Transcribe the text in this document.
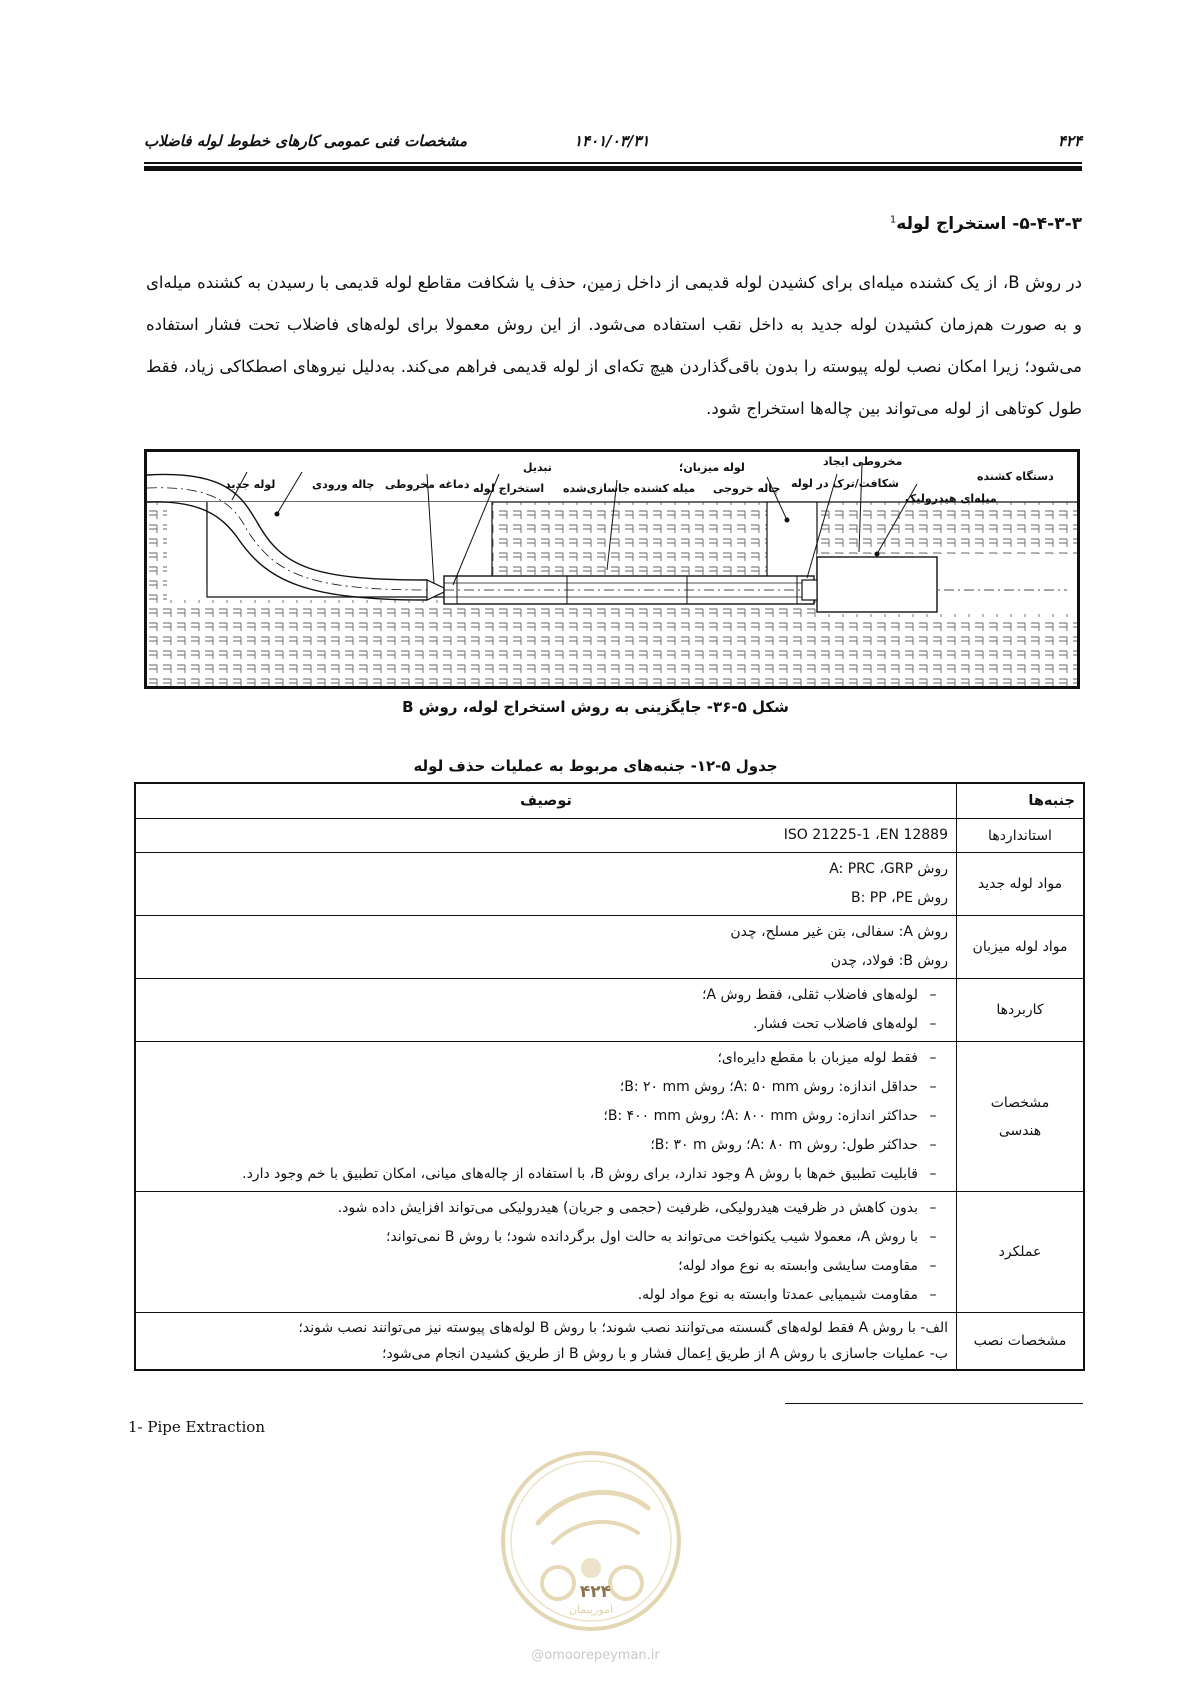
۴۲۴
۱۴۰۱/۰۳/۳۱
مشخصات فنی عمومی کارهای خطوط لوله فاضلاب
۵-۴-۳-۳- استخراج لوله$^1$
در روش B، از یک کشنده میله‌ای برای کشیدن لوله قدیمی از داخل زمین، حذف یا شکافت مقاطع لوله قدیمی با رسیدن به کشنده میله‌ای و به صورت هم‌زمان کشیدن لوله جدید به داخل نقب استفاده می‌شود. از این روش معمولا برای لوله‌های فاضلاب تحت فشار استفاده می‌شود؛ زیرا امکان نصب لوله پیوسته را بدون باقی‌گذاردن هیچ تکه‌ای از لوله قدیمی فراهم می‌کند. به‌دلیل نیروهای اصطکاکی زیاد، فقط طول کوتاهی از لوله می‌تواند بین چاله‌ها استخراج شود.
لوله جدید	چاله ورودی دماغه مخروطی
تبدیل
استخراج لوله
لوله میزبان؛
میله کشنده جاسازی‌شده چاله خروجی
مخروطی ایجاد
شکافت/ترک در لوله
دستگاه کشنده
میله‌ای هیدرولیک
شکل ۵-۳۶- جایگزینی به روش استخراج لوله، روش B
جدول ۵-۱۲- جنبه‌های مربوط به عملیات حذف لوله
جنبه‌ها	توصیف
استانداردها	ISO 21225-1 ،EN 12889

مواد لوله جدید	روش A: PRC ،GRP
روش B: PP ،PE

مواد لوله میزبان	روش A: سفالی، بتن غیر مسلح، چدن
روش B: فولاد، چدن

کاربردها	– لوله‌های فاضلاب ثقلی، فقط روش A؛
– لوله‌های فاضلاب تحت فشار.

مشخصات
هندسی	– فقط لوله میزبان با مقطع دایره‌ای؛
– حداقل اندازه: روش A: ۵۰ mm؛ روش B: ۲۰ mm؛
– حداکثر اندازه: روش A: ۸۰۰ mm؛ روش B: ۴۰۰ mm؛
– حداکثر طول: روش A: ۸۰ m؛ روش B: ۳۰ m؛
– قابلیت تطبیق خم‌ها با روش A وجود ندارد، برای روش B، با استفاده از چاله‌های میانی، امکان تطبیق با خم وجود دارد.

عملکرد	– بدون کاهش در ظرفیت هیدرولیکی، ظرفیت (حجمی و جریان) هیدرولیکی می‌تواند افزایش داده شود.
– با روش A، معمولا شیب یکنواخت می‌تواند به حالت اول برگردانده شود؛ با روش B نمی‌تواند؛
– مقاومت سایشی وابسته به نوع مواد لوله؛
– مقاومت شیمیایی عمدتا وابسته به نوع مواد لوله.

مشخصات نصب	الف- با روش A فقط لوله‌های گسسته می‌توانند نصب شوند؛ با روش B لوله‌های پیوسته نیز می‌توانند نصب شوند؛
ب- عملیات جاسازی با روش A از طریق اِعمال فشار و با روش B از طریق کشیدن انجام می‌شود؛
1- Pipe Extraction
امورپیمان
۴۲۴
@omoorepeyman.ir
